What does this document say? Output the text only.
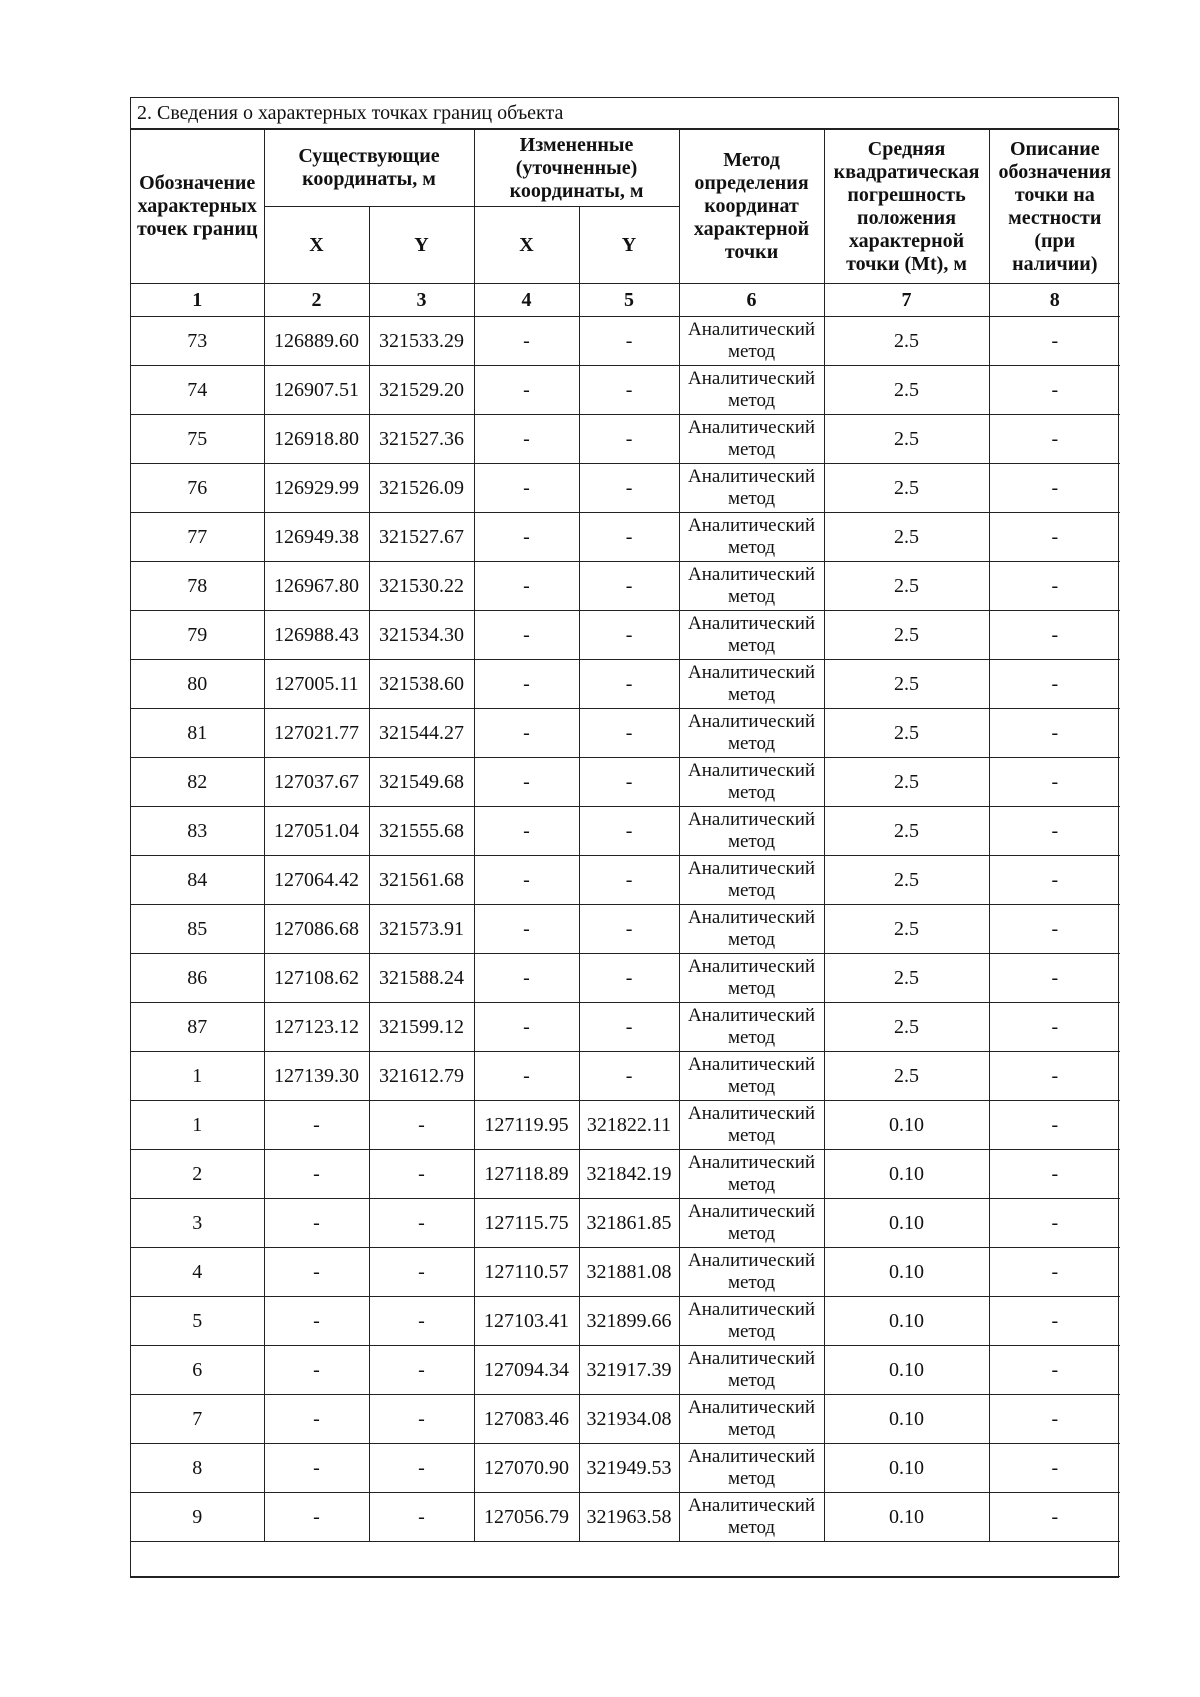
2. Сведения о характерных точках границ объекта
Обозначение характерных точек границ	Существующие координаты, м		Измененные (уточненные) координаты, м		Метод определения координат характерной точки	Средняя квадратическая погрешность положения характерной точки (Mt), м	Описание обозначения точки на местности (при наличии)
	X	Y	X	Y			
1	2	3	4	5	6	7	8
73	126889.60	321533.29	-	-	Аналитический метод	2.5	-
74	126907.51	321529.20	-	-	Аналитический метод	2.5	-
75	126918.80	321527.36	-	-	Аналитический метод	2.5	-
76	126929.99	321526.09	-	-	Аналитический метод	2.5	-
77	126949.38	321527.67	-	-	Аналитический метод	2.5	-
78	126967.80	321530.22	-	-	Аналитический метод	2.5	-
79	126988.43	321534.30	-	-	Аналитический метод	2.5	-
80	127005.11	321538.60	-	-	Аналитический метод	2.5	-
81	127021.77	321544.27	-	-	Аналитический метод	2.5	-
82	127037.67	321549.68	-	-	Аналитический метод	2.5	-
83	127051.04	321555.68	-	-	Аналитический метод	2.5	-
84	127064.42	321561.68	-	-	Аналитический метод	2.5	-
85	127086.68	321573.91	-	-	Аналитический метод	2.5	-
86	127108.62	321588.24	-	-	Аналитический метод	2.5	-
87	127123.12	321599.12	-	-	Аналитический метод	2.5	-
1	127139.30	321612.79	-	-	Аналитический метод	2.5	-
1	-	-	127119.95	321822.11	Аналитический метод	0.10	-
2	-	-	127118.89	321842.19	Аналитический метод	0.10	-
3	-	-	127115.75	321861.85	Аналитический метод	0.10	-
4	-	-	127110.57	321881.08	Аналитический метод	0.10	-
5	-	-	127103.41	321899.66	Аналитический метод	0.10	-
6	-	-	127094.34	321917.39	Аналитический метод	0.10	-
7	-	-	127083.46	321934.08	Аналитический метод	0.10	-
8	-	-	127070.90	321949.53	Аналитический метод	0.10	-
9	-	-	127056.79	321963.58	Аналитический метод	0.10	-
